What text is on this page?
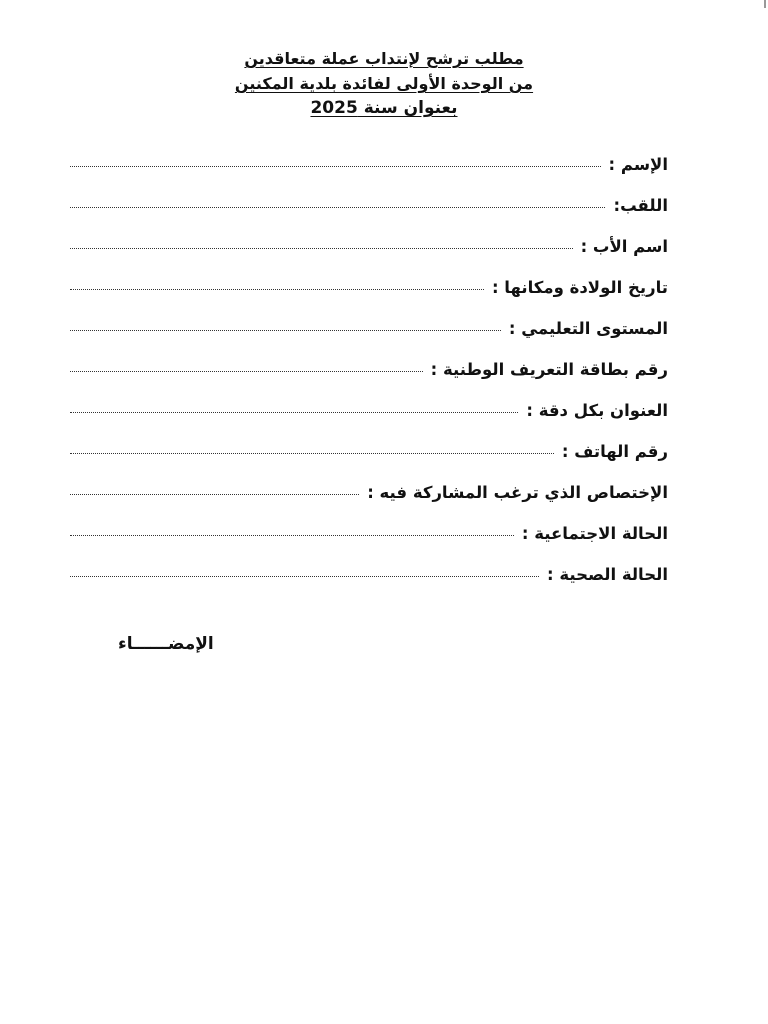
مطلب ترشح لإنتداب عملة متعاقدين
من الوحدة الأولى لفائدة بلدية المكنين
بعنوان سنة 2025
الإسم :
اللقب:
اسم الأب :
تاريخ الولادة ومكانها :
المستوى التعليمي :
رقم بطاقة التعريف الوطنية :
العنوان بكل دقة :
رقم الهاتف :
الإختصاص الذي ترغب المشاركة فيه :
الحالة الاجتماعية :
الحالة الصحية :
الإمضــــــاء
